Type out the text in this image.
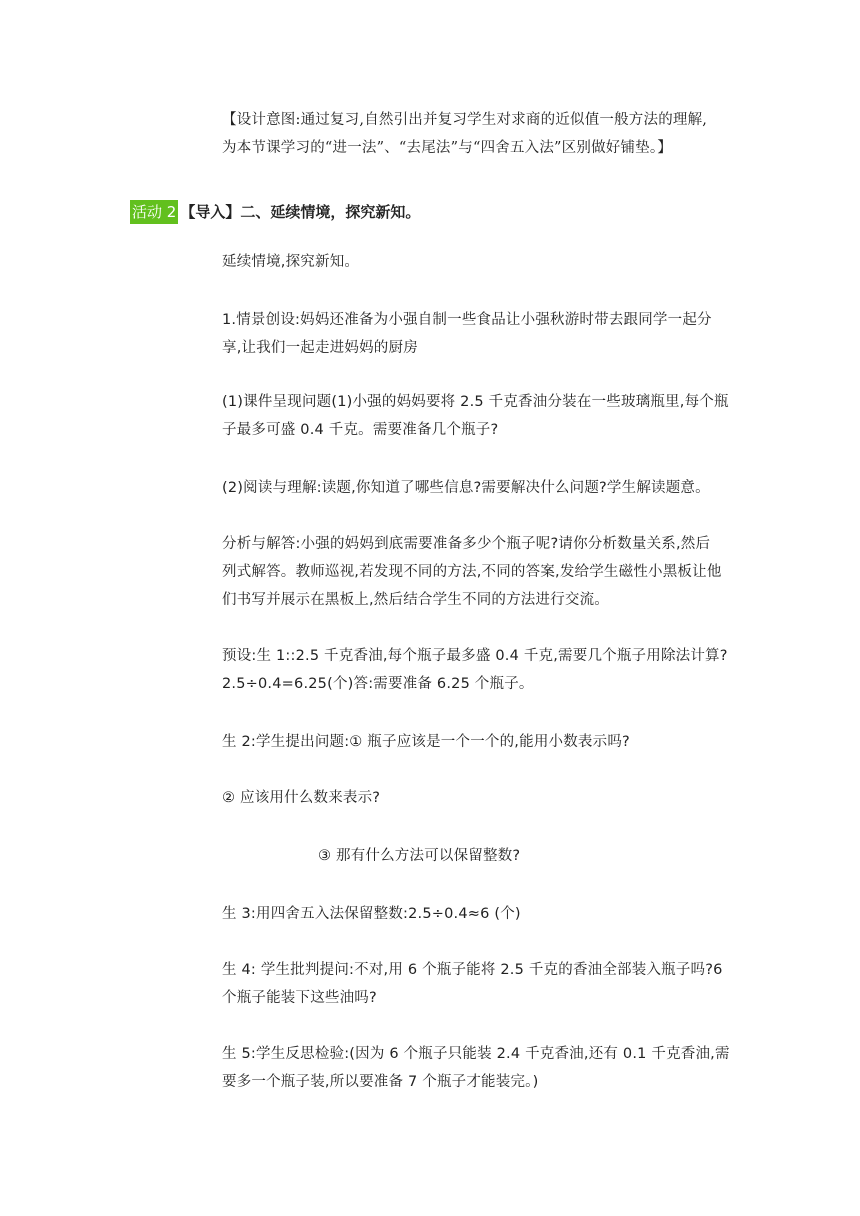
【设计意图:通过复习,自然引出并复习学生对求商的近似值一般方法的理解,
为本节课学习的“进一法”、“去尾法”与“四舍五入法”区别做好铺垫。】

活动 2 【导入】二、延续情境，探究新知。

延续情境,探究新知。

1.情景创设:妈妈还准备为小强自制一些食品让小强秋游时带去跟同学一起分
享,让我们一起走进妈妈的厨房

(1)课件呈现问题(1)小强的妈妈要将 2.5 千克香油分装在一些玻璃瓶里,每个瓶
子最多可盛 0.4 千克。需要准备几个瓶子?

(2)阅读与理解:读题,你知道了哪些信息?需要解决什么问题?学生解读题意。

分析与解答:小强的妈妈到底需要准备多少个瓶子呢?请你分析数量关系,然后
列式解答。教师巡视,若发现不同的方法,不同的答案,发给学生磁性小黑板让他
们书写并展示在黑板上,然后结合学生不同的方法进行交流。

预设:生 1::2.5 千克香油,每个瓶子最多盛 0.4 千克,需要几个瓶子用除法计算?
2.5÷0.4=6.25(个)答:需要准备 6.25 个瓶子。

生 2:学生提出问题:① 瓶子应该是一个一个的,能用小数表示吗?

② 应该用什么数来表示?

③ 那有什么方法可以保留整数?

生 3:用四舍五入法保留整数:2.5÷0.4≈6 (个)

生 4: 学生批判提问:不对,用 6 个瓶子能将 2.5 千克的香油全部装入瓶子吗?6
个瓶子能装下这些油吗?

生 5:学生反思检验:(因为 6 个瓶子只能装 2.4 千克香油,还有 0.1 千克香油,需
要多一个瓶子装,所以要准备 7 个瓶子才能装完。)
